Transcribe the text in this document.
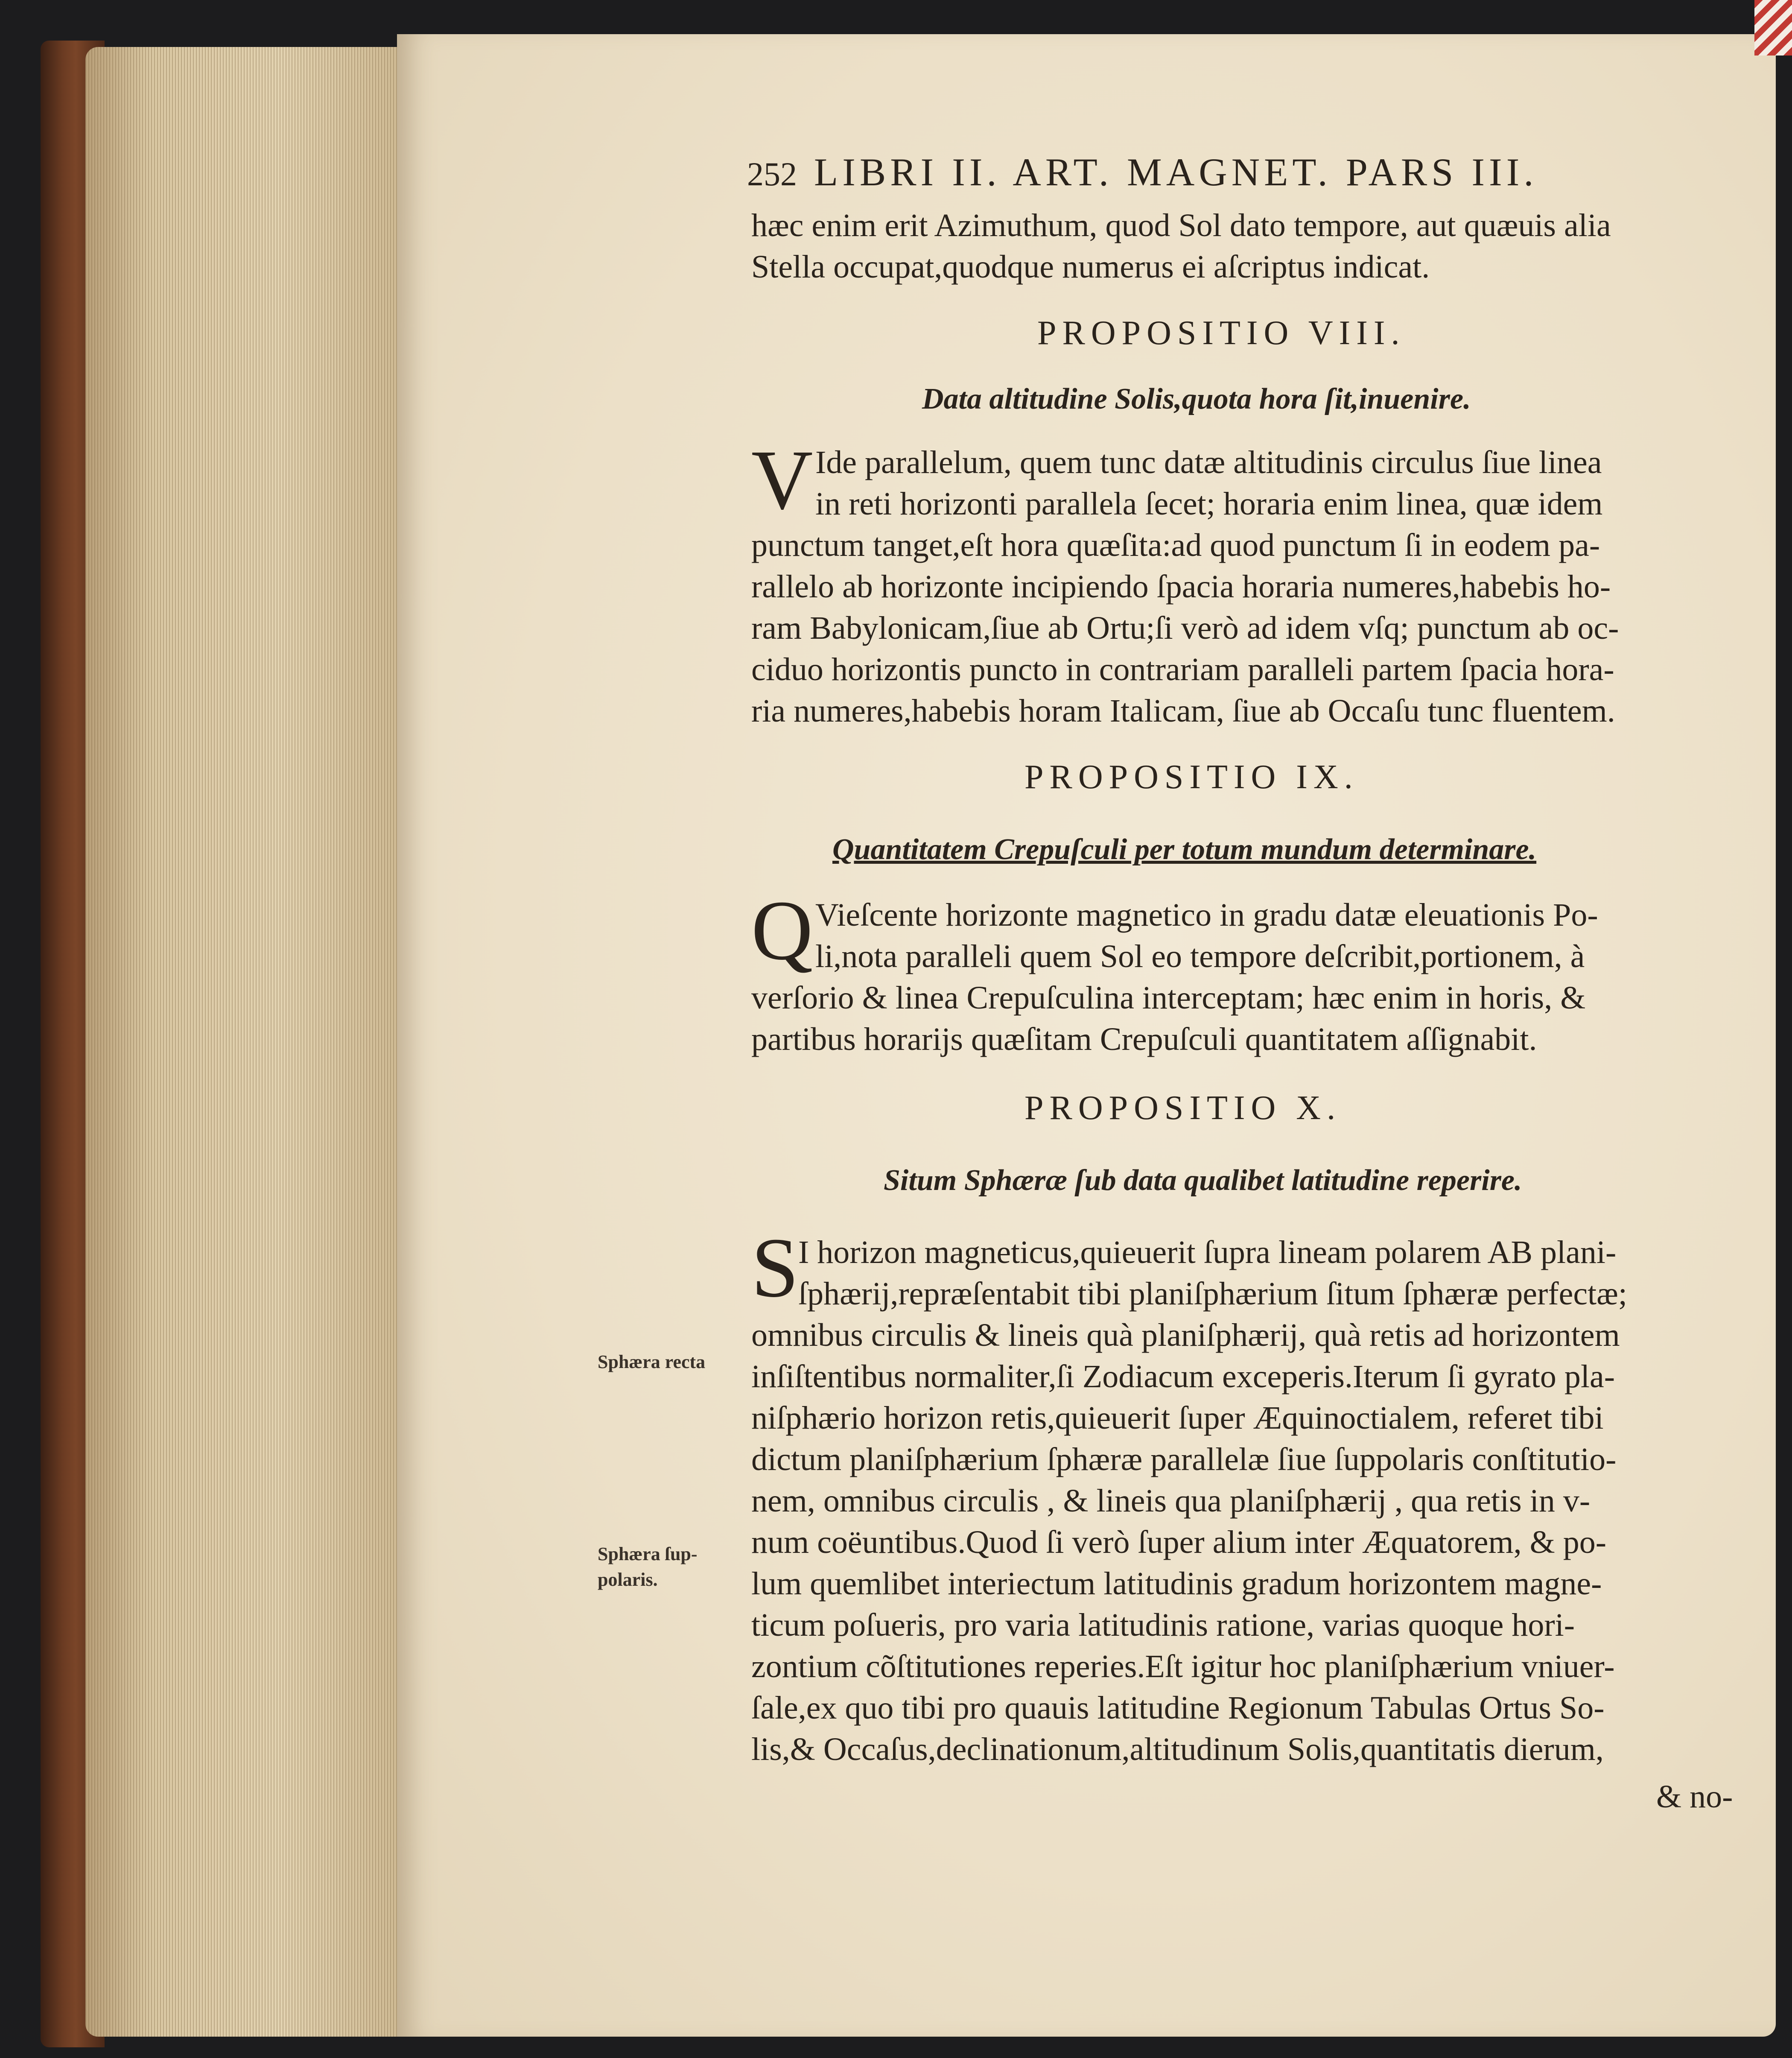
252 LIBRI II. ART. MAGNET. PARS III.
hæc enim erit Azimuthum, quod Sol dato tempore, aut quæuis alia
Stella occupat,quodque numerus ei aſcriptus indicat.
PROPOSITIO VIII.
Data altitudine Solis,quota hora ſit,inuenire.
V Ide parallelum, quem tunc datæ altitudinis circulus ſiue linea
in reti horizonti parallela ſecet; horaria enim linea, quæ idem
punctum tanget,eſt hora quæſita:ad quod punctum ſi in eodem pa-
rallelo ab horizonte incipiendo ſpacia horaria numeres,habebis ho-
ram Babylonicam,ſiue ab Ortu;ſi verò ad idem vſq; punctum ab oc-
ciduo horizontis puncto in contrariam paralleli partem ſpacia hora-
ria numeres,habebis horam Italicam, ſiue ab Occaſu tunc fluentem.
PROPOSITIO IX.
Quantitatem Crepuſculi per totum mundum determinare.
Q Vieſcente horizonte magnetico in gradu datæ eleuationis Po-
li,nota paralleli quem Sol eo tempore deſcribit,portionem, à
verſorio & linea Crepuſculina interceptam; hæc enim in horis, &
partibus horarijs quæſitam Crepuſculi quantitatem aſſignabit.
PROPOSITIO X.
Situm Sphæræ ſub data qualibet latitudine reperire.
S
I horizon magneticus,quieuerit ſupra lineam polarem AB plani-
ſphærij,repræſentabit tibi planiſphærium ſitum ſphæræ perfectæ;
omnibus circulis & lineis quà planiſphærij, quà retis ad horizontem
inſiſtentibus normaliter,ſi Zodiacum exceperis.Iterum ſi gyrato pla-
niſphærio horizon retis,quieuerit ſuper Æquinoctialem, referet tibi
dictum planiſphærium ſphæræ parallelæ ſiue ſuppolaris conſtitutio-
nem, omnibus circulis , & lineis qua planiſphærij , qua retis in v-
num coëuntibus.Quod ſi verò ſuper alium inter Æquatorem, & po-
lum quemlibet interiectum latitudinis gradum horizontem magne-
ticum poſueris, pro varia latitudinis ratione, varias quoque hori-
zontium cõſtitutiones reperies.Eſt igitur hoc planiſphærium vniuer-
ſale,ex quo tibi pro quauis latitudine Regionum Tabulas Ortus So-
lis,& Occaſus,declinationum,altitudinum Solis,quantitatis dierum,
Sphæra recta
Sphæra ſup-
polaris.
& no-
